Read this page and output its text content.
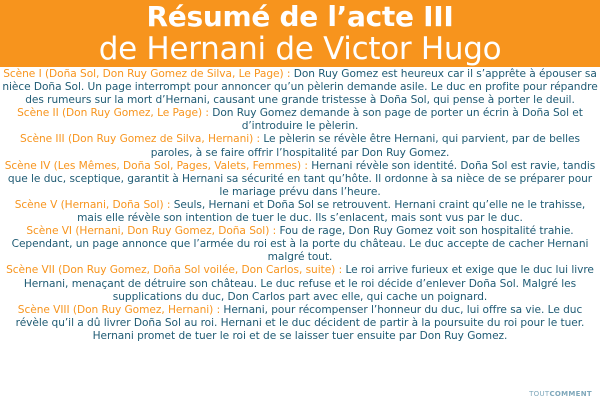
Résumé de l’acte III
de Hernani de Victor Hugo

Scène I (Doña Sol, Don Ruy Gomez de Silva, Le Page) : Don Ruy Gomez est heureux car il s’apprête à épouser sa nièce Doña Sol. Un page interrompt pour annoncer qu’un pèlerin demande asile. Le duc en profite pour répandre des rumeurs sur la mort d’Hernani, causant une grande tristesse à Doña Sol, qui pense à porter le deuil.

Scène II (Don Ruy Gomez, Le Page) : Don Ruy Gomez demande à son page de porter un écrin à Doña Sol et d’introduire le pèlerin.

Scène III (Don Ruy Gomez de Silva, Hernani) : Le pèlerin se révèle être Hernani, qui parvient, par de belles paroles, à se faire offrir l’hospitalité par Don Ruy Gomez.

Scène IV (Les Mêmes, Doña Sol, Pages, Valets, Femmes) : Hernani révèle son identité. Doña Sol est ravie, tandis que le duc, sceptique, garantit à Hernani sa sécurité en tant qu’hôte. Il ordonne à sa nièce de se préparer pour le mariage prévu dans l’heure.

Scène V (Hernani, Doña Sol) : Seuls, Hernani et Doña Sol se retrouvent. Hernani craint qu’elle ne le trahisse, mais elle révèle son intention de tuer le duc. Ils s’enlacent, mais sont vus par le duc.

Scène VI (Hernani, Don Ruy Gomez, Doña Sol) : Fou de rage, Don Ruy Gomez voit son hospitalité trahie. Cependant, un page annonce que l’armée du roi est à la porte du château. Le duc accepte de cacher Hernani malgré tout.

Scène VII (Don Ruy Gomez, Doña Sol voilée, Don Carlos, suite) : Le roi arrive furieux et exige que le duc lui livre Hernani, menaçant de détruire son château. Le duc refuse et le roi décide d’enlever Doña Sol. Malgré les supplications du duc, Don Carlos part avec elle, qui cache un poignard.

Scène VIII (Don Ruy Gomez, Hernani) : Hernani, pour récompenser l’honneur du duc, lui offre sa vie. Le duc révèle qu’il a dû livrer Doña Sol au roi. Hernani et le duc décident de partir à la poursuite du roi pour le tuer. Hernani promet de tuer le roi et de se laisser tuer ensuite par Don Ruy Gomez.

TOUTCOMMENT
